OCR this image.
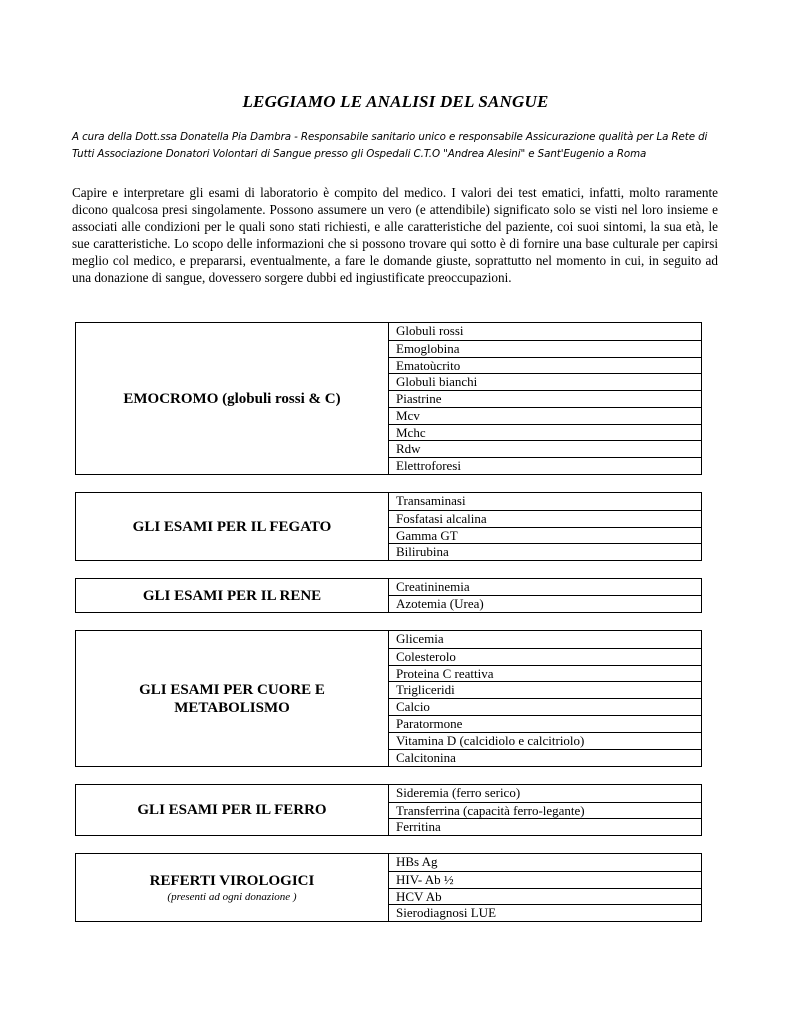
LEGGIAMO LE ANALISI DEL SANGUE
A cura della Dott.ssa Donatella Pia Dambra - Responsabile sanitario unico e responsabile Assicurazione qualità per La Rete di Tutti Associazione Donatori Volontari di Sangue presso gli Ospedali C.T.O "Andrea Alesini" e Sant'Eugenio a Roma
Capire e interpretare gli esami di laboratorio è compito del medico. I valori dei test ematici, infatti, molto raramente dicono qualcosa presi singolamente. Possono assumere un vero (e attendibile) significato solo se visti nel loro insieme e associati alle condizioni per le quali sono stati richiesti, e alle caratteristiche del paziente, coi suoi sintomi, la sua età, le sue caratteristiche. Lo scopo delle informazioni che si possono trovare qui sotto è di fornire una base culturale per capirsi meglio col medico, e prepararsi, eventualmente, a fare le domande giuste, soprattutto nel momento in cui, in seguito ad una donazione di sangue, dovessero sorgere dubbi ed ingiustificate preoccupazioni.
EMOCROMO (globuli rossi & C)
Globuli rossi
Emoglobina
Ematoùcrito
Globuli bianchi
Piastrine
Mcv
Mchc
Rdw
Elettroforesi
GLI ESAMI PER IL FEGATO
Transaminasi
Fosfatasi alcalina
Gamma GT
Bilirubina
GLI ESAMI PER IL RENE
Creatininemia
Azotemia (Urea)
GLI ESAMI PER CUORE E METABOLISMO
Glicemia
Colesterolo
Proteina C reattiva
Trigliceridi
Calcio
Paratormone
Vitamina D (calcidiolo e calcitriolo)
Calcitonina
GLI ESAMI PER IL FERRO
Sideremia (ferro serico)
Transferrina (capacità ferro-legante)
Ferritina
REFERTI VIROLOGICI
(presenti ad ogni donazione )
HBs Ag
HIV- Ab ½
HCV Ab
Sierodiagnosi LUE
